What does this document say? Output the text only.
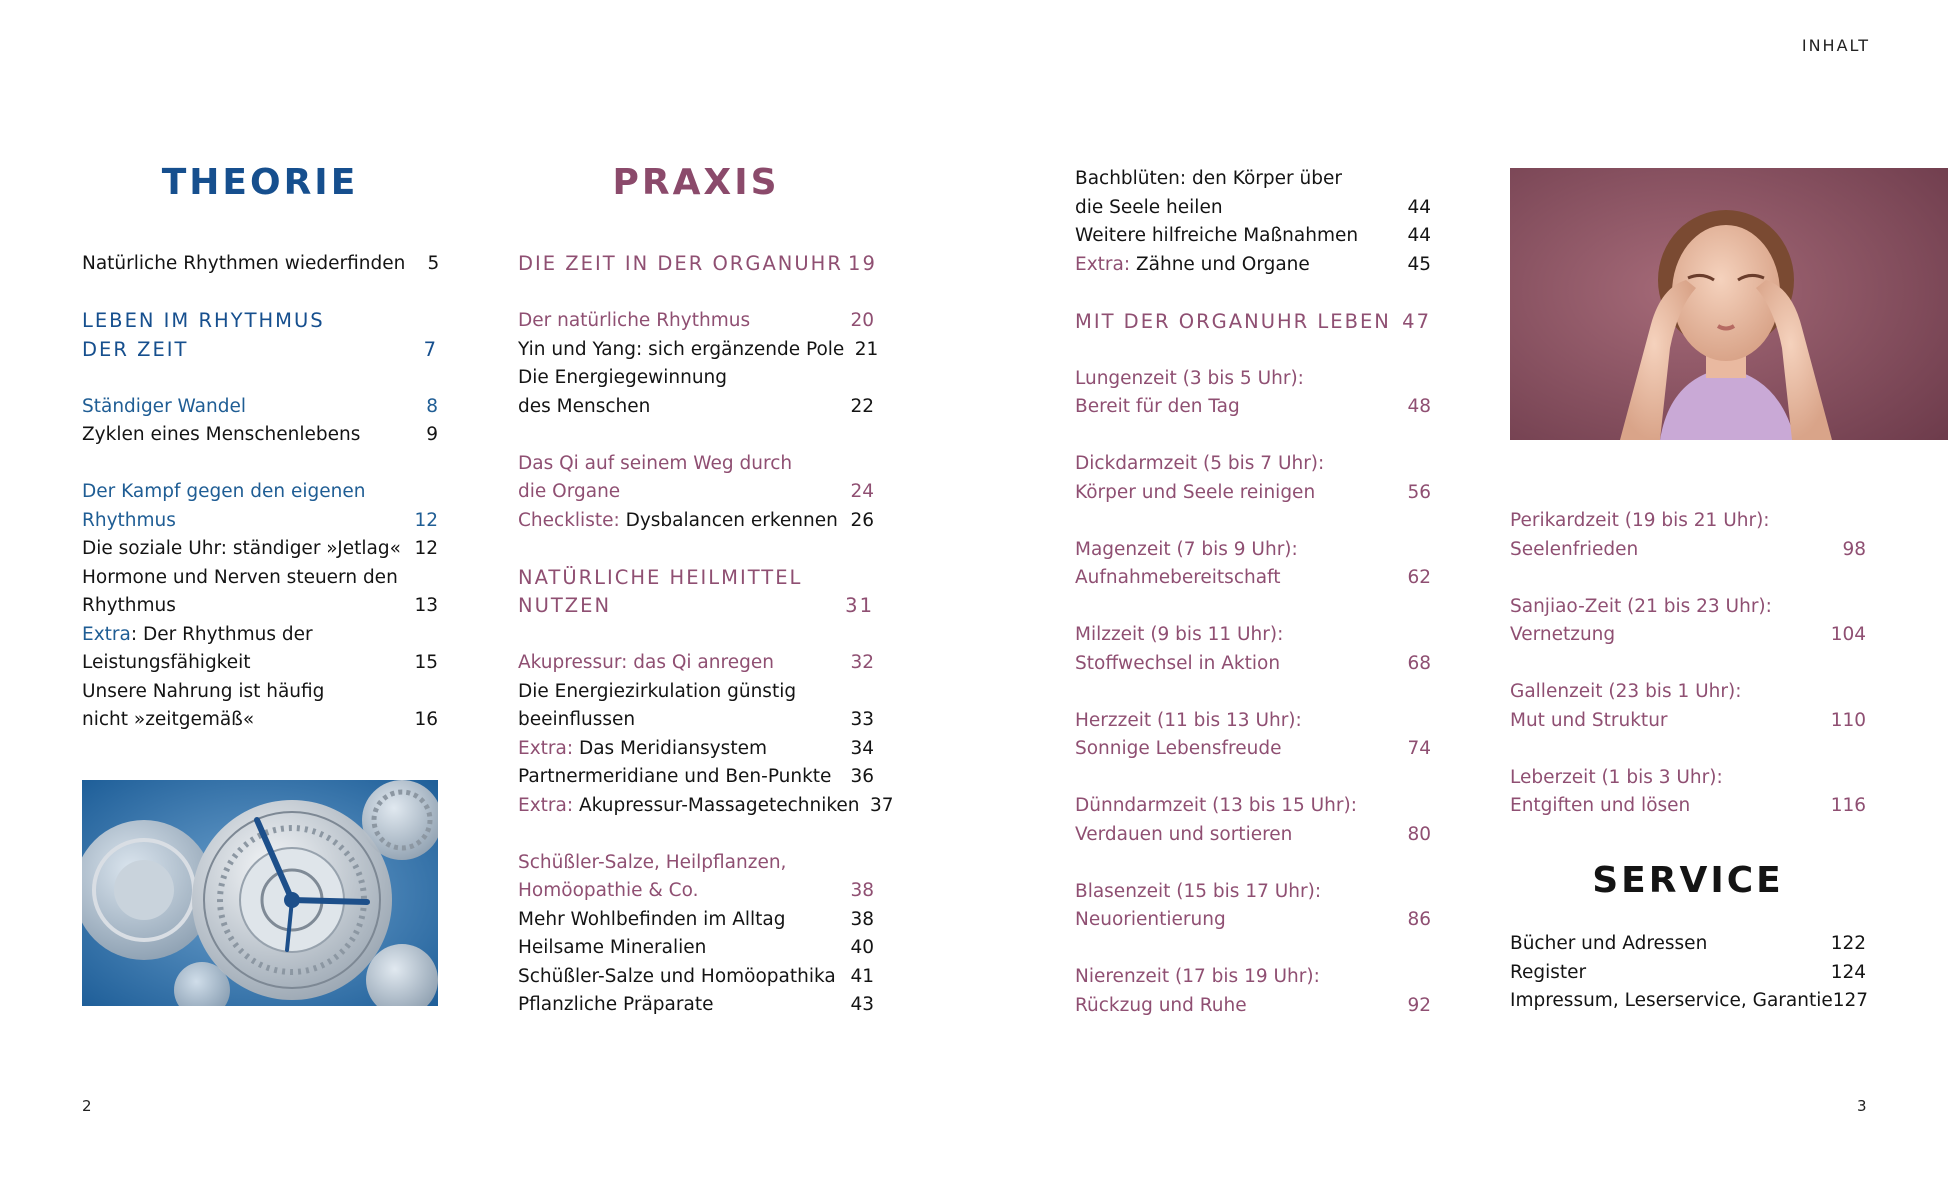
INHALT
2	3
THEORIE
Natürliche Rhythmen wiederfinden	5
LEBEN IM RHYTHMUS
DER ZEIT	7
Ständiger Wandel	8
Zyklen eines Menschenlebens	9
Der Kampf gegen den eigenen
Rhythmus	12
Die soziale Uhr: ständiger »Jetlag« 12
Hormone und Nerven steuern den
Rhythmus	13
Extra: Der Rhythmus der
Leistungsfähigkeit	15
Unsere Nahrung ist häufig
nicht »zeitgemäß«	16
PRAXIS
DIE ZEIT IN DER ORGANUHR 19
Der natürliche Rhythmus	20
Yin und Yang: sich ergänzende Pole 21
Die Energiegewinnung
des Menschen	22
Das Qi auf seinem Weg durch
die Organe	24
Checkliste: Dysbalancen erkennen 26
NATÜRLICHE HEILMITTEL
NUTZEN	31
Akupressur: das Qi anregen	32
Die Energiezirkulation günstig
beeinflussen	33
Extra: Das Meridiansystem	34
Partnermeridiane und Ben-Punkte	36
Extra: Akupressur-Massagetechniken 37
Schüßler-Salze, Heilpflanzen,
Homöopathie & Co.	38
Mehr Wohlbefinden im Alltag	38
Heilsame Mineralien	40
Schüßler-Salze und Homöopathika 41
Pflanzliche Präparate	43
Bachblüten: den Körper über
die Seele heilen	44
Weitere hilfreiche Maßnahmen	44
Extra: Zähne und Organe	45
MIT DER ORGANUHR LEBEN 47
Lungenzeit (3 bis 5 Uhr):
Bereit für den Tag	48
Dickdarmzeit (5 bis 7 Uhr):
Körper und Seele reinigen	56
Magenzeit (7 bis 9 Uhr):
Aufnahmebereitschaft	62
Milzzeit (9 bis 11 Uhr):
Stoffwechsel in Aktion	68
Herzzeit (11 bis 13 Uhr):
Sonnige Lebensfreude	74
Dünndarmzeit (13 bis 15 Uhr):
Verdauen und sortieren	80
Blasenzeit (15 bis 17 Uhr):
Neuorientierung	86
Nierenzeit (17 bis 19 Uhr):
Rückzug und Ruhe	92
Perikardzeit (19 bis 21 Uhr):
Seelenfrieden	98
Sanjiao-Zeit (21 bis 23 Uhr):
Vernetzung	104
Gallenzeit (23 bis 1 Uhr):
Mut und Struktur	110
Leberzeit (1 bis 3 Uhr):
Entgiften und lösen	116
SERVICE
Bücher und Adressen	122
Register	124
Impressum, Leserservice, Garantie 127
